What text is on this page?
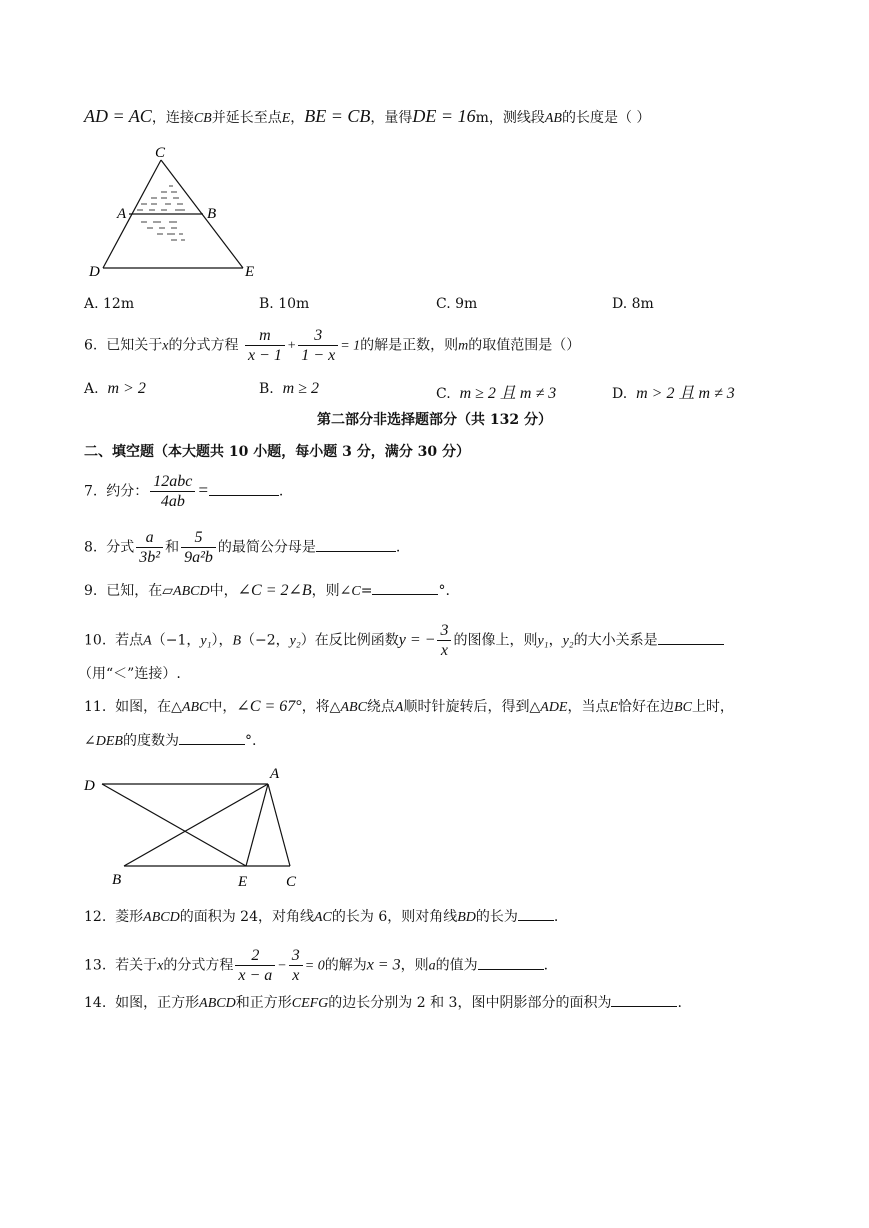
AD = AC，连接CB并延长至点E，BE = CB，量得DE = 16m，测线段AB的长度是（ ）
C
A	B
D	E
A. 12m	B. 10m	C. 9m	D. 8m
6. 已知关于x的分式方程 $\frac{m}{x - 1} + \frac{3}{1 - x} = 1$的解是正数，则m的取值范围是（）
A. m > 2	B. m ≥ 2	C. m ≥ 2 且 m ≠ 3	D. m > 2 且 m ≠ 3
第二部分非选择题部分（共 132 分）
二、填空题（本大题共 10 小题，每小题 3 分，满分 30 分）
7. 约分： $\frac{\text{12abc}}{4ab}$ =	.
8. 分式 $\frac{a}{\text{3b²}}$ 和 $\frac{5}{\text{9a²b}}$ 的最简公分母是	.
9. 已知，在▱ABCD中，∠C = 2∠B，则∠C=	°.
10. 若点A（−1，y₁），B（−2，y₂）在反比例函数y = − $\frac{3}{x}$ 的图像上，则y₁，y₂的大小关系是
（用“＜”连接）.
11. 如图，在△ABC中，∠C = 67°，将△ABC绕点A顺时针旋转后，得到△ADE，当点E恰好在边BC上时，
∠DEB的度数为	°.
D
A
B	E	C
12. 菱形ABCD的面积为 24，对角线AC的长为 6，则对角线BD的长为	.
13. 若关于x的分式方程 $\frac{2}{x - a} - \frac{3}{x} = 0$的解为x = 3，则a的值为	.
14. 如图，正方形ABCD和正方形CEFG的边长分别为 2 和 3，图中阴影部分的面积为	.
